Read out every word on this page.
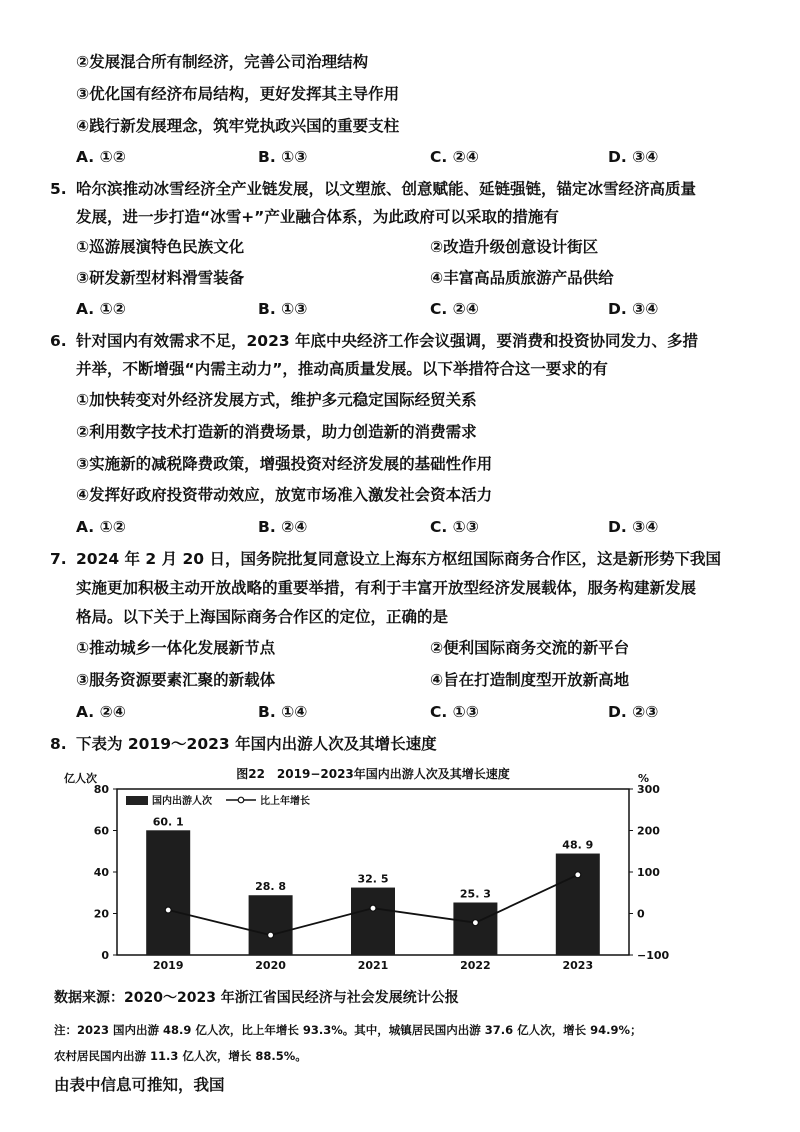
②发展混合所有制经济，完善公司治理结构
③优化国有经济布局结构，更好发挥其主导作用
④践行新发展理念，筑牢党执政兴国的重要支柱
A. ①②	B. ①③	C. ②④	D. ③④
5. 哈尔滨推动冰雪经济全产业链发展，以文塑旅、创意赋能、延链强链，锚定冰雪经济高质量
发展，进一步打造“冰雪+”产业融合体系，为此政府可以采取的措施有
①巡游展演特色民族文化	②改造升级创意设计街区
③研发新型材料滑雪装备	④丰富高品质旅游产品供给
A. ①②	B. ①③	C. ②④	D. ③④
6. 针对国内有效需求不足，2023 年底中央经济工作会议强调，要消费和投资协同发力、多措
并举，不断增强“内需主动力”，推动高质量发展。以下举措符合这一要求的有
①加快转变对外经济发展方式，维护多元稳定国际经贸关系
②利用数字技术打造新的消费场景，助力创造新的消费需求
③实施新的减税降费政策，增强投资对经济发展的基础性作用
④发挥好政府投资带动效应，放宽市场准入激发社会资本活力
A. ①②	B. ②④	C. ①③	D. ③④
7. 2024 年 2 月 20 日，国务院批复同意设立上海东方枢纽国际商务合作区，这是新形势下我国
实施更加积极主动开放战略的重要举措，有利于丰富开放型经济发展载体，服务构建新发展
格局。以下关于上海国际商务合作区的定位，正确的是
①推动城乡一体化发展新节点	②便利国际商务交流的新平台
③服务资源要素汇聚的新载体	④旨在打造制度型开放新高地
A. ②④	B. ①④	C. ①③	D. ②③
8. 下表为 2019～2023 年国内出游人次及其增长速度
图22　2019−2023年国内出游人次及其增长速度
亿人次	%
国内出游人次	比上年增长
0
20
40
60
80
−100
0
100
200
300
60. 1
28. 8
32. 5
25. 3
48. 9
2019	2020	2021	2022	2023
数据来源：2020～2023 年浙江省国民经济与社会发展统计公报
注：2023 国内出游 48.9 亿人次，比上年增长 93.3%。其中，城镇居民国内出游 37.6 亿人次，增长 94.9%；
农村居民国内出游 11.3 亿人次，增长 88.5%。
由表中信息可推知，我国
